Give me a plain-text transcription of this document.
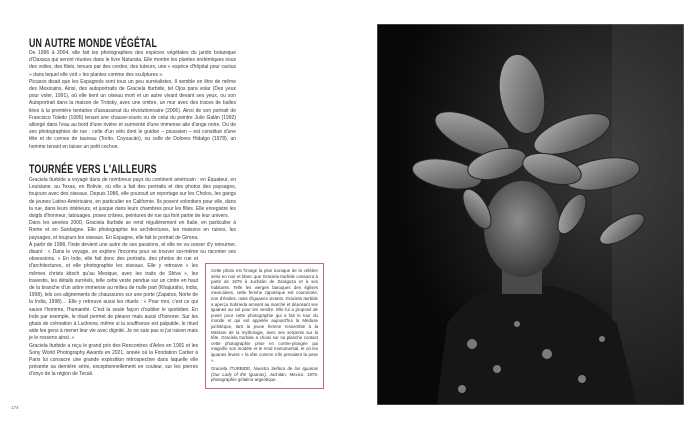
UN AUTRE MONDE VÉGÉTAL

De 1996 à 2004, elle fait les photographies des espèces végétales du jardin botanique d'Oaxaca qui seront réunies dans le livre Naturata. Elle montre les plantes endémiques sous des voiles, des filets, tenues par des cordes, des tuteurs, une « espèce d'hôpital pour cactus » dans lequel elle voit « les plantes comme des sculptures ».

Picasso disait que les Espagnols sont tous un peu surréalistes. Il semble en être de même des Mexicains. Ainsi, des autoportraits de Graciela Iturbide, tel Ojos para volar (Des yeux pour voler, 1991), où elle tient un oiseau mort et un autre vivant devant ses yeux, ou son Autoportrait dans la maison de Trotsky, avec une ombre, un mur avec des traces de balles liées à la première tentative d'assassinat du révolutionnaire (2006). Ainsi de son portrait de Francisco Toledo (1995) tenant une chauve-souris ou de celui du peintre Julio Galán (1992) allongé dans l'eau au bord d'une rivière et surmonté d'une immense aile d'ange noire. Ou de ses photographies de rue : celle d'un vélo dont le guidon – picassien – est constitué d'une tête et de cornes de taureau (Torito, Coyoacán), ou celle de Dolores Hidalgo (1978), un homme tenant en laisse un petit cochon.

TOURNÉE VERS L'AILLEURS

Graciela Iturbide a voyagé dans de nombreux pays du continent américain : en Équateur, en Louisiane, au Texas, en Bolivie, où elle a fait des portraits et des photos des paysages, toujours avec des oiseaux. Depuis 1986, elle poursuit un reportage sur les Cholos, les gangs de jeunes Latino-Américains, en particulier en Californie. Ils posent volontiers pour elle, dans la rue, dans leurs intérieurs, et jusque dans leurs chambres pour les filles. Elle enregistre les doigts d'honneur, tatouages, poses crânes, peintures de rue qui font partie de leur univers.

Dans les années 2000, Graciela Iturbide se rend régulièrement en Italie, en particulier à Rome et en Sardaigne. Elle photographie les architectures, les maisons en ruines, les paysages, et toujours les oiseaux. En Espagne, elle fait le portrait de Girona.

À partir de 1998, l'Inde devient une autre de ses passions, et elle ne va cesser d'y retourner, disant : « Dans le voyage, on explore l'inconnu pour se trouver soi-même ou raconter ses obsessions. » En Inde, elle fait donc des portraits, des photos de rue et d'architectures, et elle photographie les oiseaux. Elle y retrouve « les mêmes christs kitsch qu'au Mexique, avec les traits de Shiva », les travestis, les détails surréels, telle cette veste pendue sur un cintre en haut de la branche d'un arbre immense au milieu de nulle part (Khajuraho, India, 1998), tels ces alignements de chaussures sur une porte (Zapatos, Norte de la India, 1998)… Elle y retrouve aussi les rituels : « Pour moi, c'est ce qui sauve l'homme, l'humanité. C'est la seule façon d'oublier le quotidien. En Inde par exemple, le rituel permet de pleurer mais aussi d'honorer. Sur les ghats de crémation à Lucknow, même si la souffrance est palpable, le rituel aide les gens à mener leur vie avec dignité. Je ne sais pas si j'ai raison mais je le ressens ainsi. »

Graciela Iturbide a reçu le grand prix des Rencontres d'Arles en 1991 et les Sony World Photography Awards en 2021, année où la Fondation Cartier à Paris lui consacre une grande exposition rétrospective dans laquelle elle présente sa dernière série, exceptionnellement en couleur, sur les pierres d'onyx de la région de Tecali.

Cette photo est l'image la plus iconique de la célèbre série en noir et blanc que Graciela Iturbide consacra à partir de 1979 à Juchitán de Zaragoza et à ses habitants. Telle les vierges baroques des églises mexicaines, cette femme zapotèque est couronnée, non d'étoiles, mais d'iguanes vivants. Graciela Iturbide a aperçu Sobrieda arrivant au marché et déposant ses iguanes au sol pour les vendre. Elle lui a proposé de poser pour cette photographie qui a fait le tour du monde et qui est appelée aujourd'hui la Méduse juchitèque, tant la jeune femme ressemble à la Méduse de la mythologie, avec ses serpents sur la tête. Graciela Iturbide a choisi sur sa planche contact cette photographie prise en contre-plongée qui magnifie son modèle et le rend monumental, et où les iguanes lèvent « la tête comme s'ils prenaient la pose ».

Graciela ITURBIDE, Nuestra Señora de las Iguanas (Our Lady of the Iguanas), Juchitán, Mexico, 1979, photographie gélatino-argentique.

174
